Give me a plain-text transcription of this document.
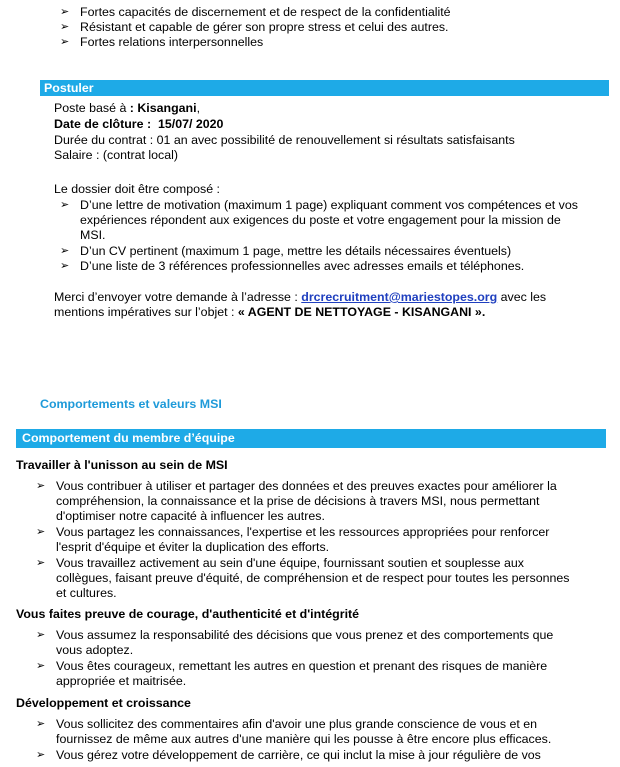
➢ Fortes capacités de discernement et de respect de la confidentialité
➢ Résistant et capable de gérer son propre stress et celui des autres.
➢ Fortes relations interpersonnelles
Postuler
Poste basé à : Kisangani,
Date de clôture : 15/07/ 2020
Durée du contrat : 01 an avec possibilité de renouvellement si résultats satisfaisants
Salaire : (contrat local)
Le dossier doit être composé :
➢ D’une lettre de motivation (maximum 1 page) expliquant comment vos compétences et vos
expériences répondent aux exigences du poste et votre engagement pour la mission de
MSI.
➢ D’un CV pertinent (maximum 1 page, mettre les détails nécessaires éventuels)
➢ D’une liste de 3 références professionnelles avec adresses emails et téléphones.
Merci d’envoyer votre demande à l’adresse : drcrecruitment@mariestopes.org avec les
mentions impératives sur l’objet : « AGENT DE NETTOYAGE - KISANGANI ».
Comportements et valeurs MSI
Comportement du membre d’équipe
Travailler à l'unisson au sein de MSI
➢ Vous contribuer à utiliser et partager des données et des preuves exactes pour améliorer la
compréhension, la connaissance et la prise de décisions à travers MSI, nous permettant
d'optimiser notre capacité à influencer les autres.
➢ Vous partagez les connaissances, l'expertise et les ressources appropriées pour renforcer
l'esprit d'équipe et éviter la duplication des efforts.
➢ Vous travaillez activement au sein d'une équipe, fournissant soutien et souplesse aux
collègues, faisant preuve d'équité, de compréhension et de respect pour toutes les personnes
et cultures.
Vous faites preuve de courage, d'authenticité et d'intégrité
➢ Vous assumez la responsabilité des décisions que vous prenez et des comportements que
vous adoptez.
➢ Vous êtes courageux, remettant les autres en question et prenant des risques de manière
appropriée et maitrisée.
Développement et croissance
➢ Vous sollicitez des commentaires afin d'avoir une plus grande conscience de vous et en
fournissez de même aux autres d'une manière qui les pousse à être encore plus efficaces.
➢ Vous gérez votre développement de carrière, ce qui inclut la mise à jour régulière de vos
